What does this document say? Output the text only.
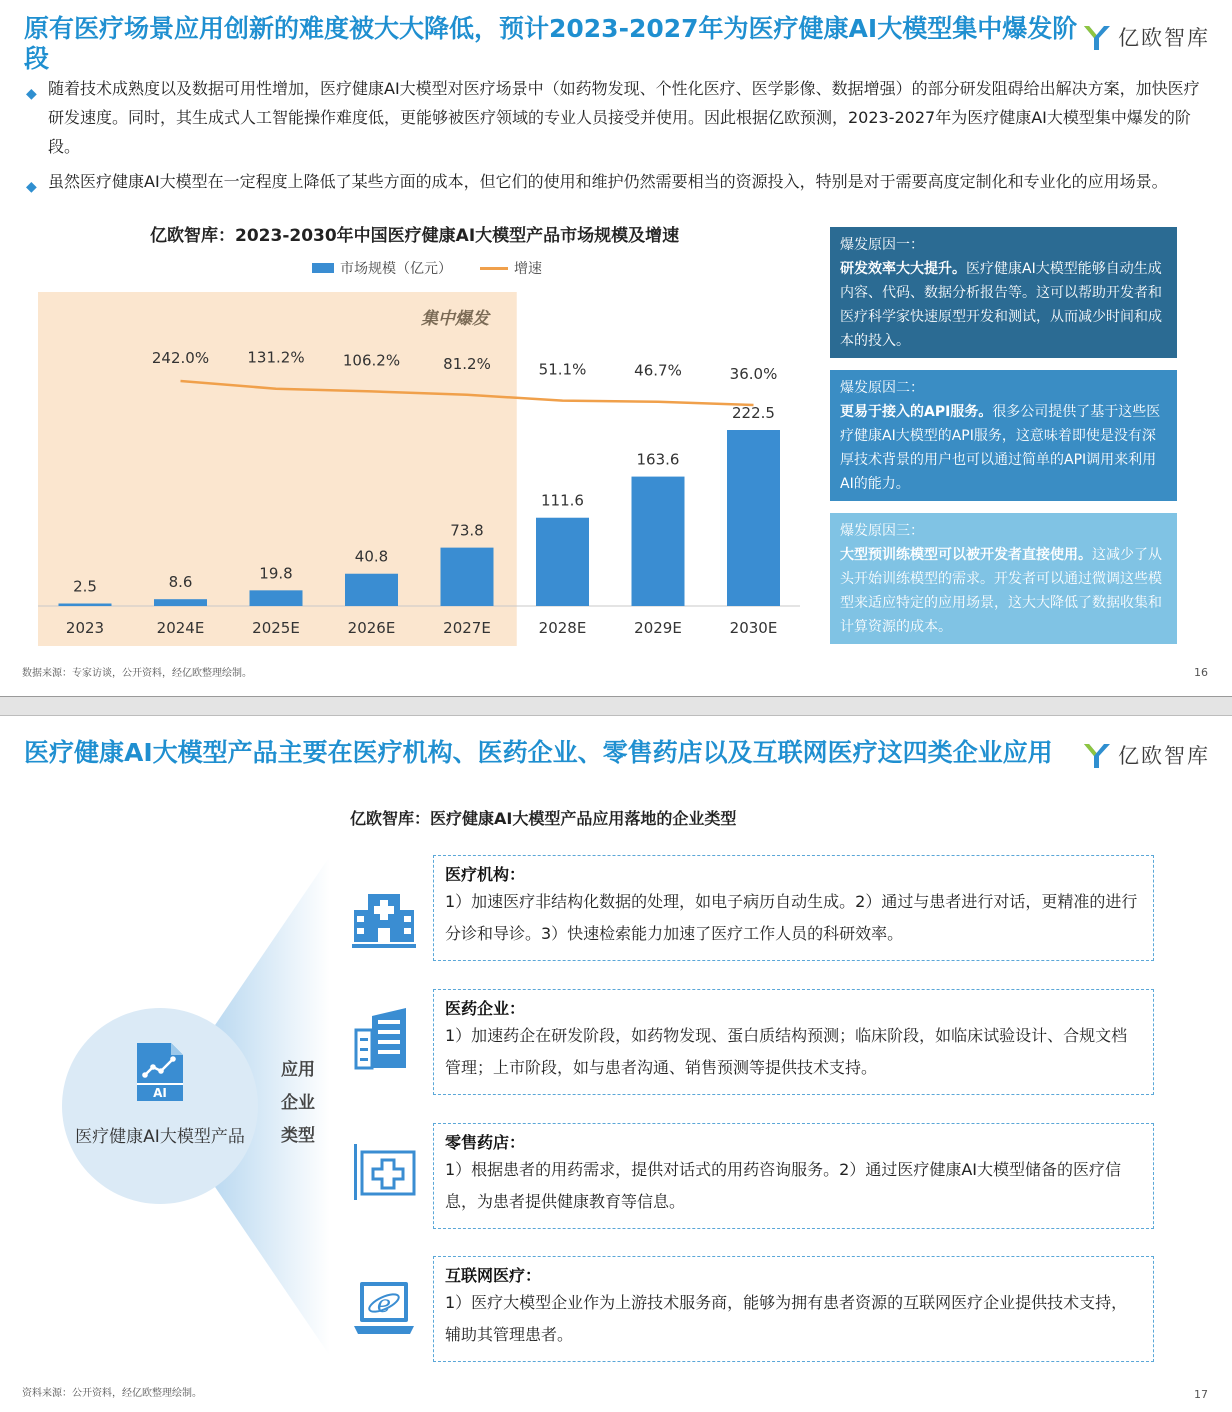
原有医疗场景应用创新的难度被大大降低，预计2023-2027年为医疗健康AI大模型集中爆发阶段
亿欧智库
◆ 随着技术成熟度以及数据可用性增加，医疗健康AI大模型对医疗场景中（如药物发现、个性化医疗、医学影像、数据增强）的部分研发阻碍给出解决方案，加快医疗研发速度。同时，其生成式人工智能操作难度低，更能够被医疗领域的专业人员接受并使用。因此根据亿欧预测，2023-2027年为医疗健康AI大模型集中爆发的阶段。
◆ 虽然医疗健康AI大模型在一定程度上降低了某些方面的成本，但它们的使用和维护仍然需要相当的资源投入，特别是对于需要高度定制化和专业化的应用场景。
亿欧智库：2023-2030年中国医疗健康AI大模型产品市场规模及增速
市场规模（亿元）	增速
集中爆发
2.5
2023
8.6
2024E
242.0%
19.8
2025E
131.2%
40.8
2026E
106.2%
73.8
2027E
81.2%
111.6
2028E
51.1%
163.6
2029E
46.7%
222.5
2030E
36.0%
爆发原因一：
研发效率大大提升。医疗健康AI大模型能够自动生成内容、代码、数据分析报告等。这可以帮助开发者和医疗科学家快速原型开发和测试，从而减少时间和成本的投入。
爆发原因二：
更易于接入的API服务。很多公司提供了基于这些医疗健康AI大模型的API服务，这意味着即使是没有深厚技术背景的用户也可以通过简单的API调用来利用AI的能力。
爆发原因三：
大型预训练模型可以被开发者直接使用。这减少了从头开始训练模型的需求。开发者可以通过微调这些模型来适应特定的应用场景，这大大降低了数据收集和计算资源的成本。
数据来源：专家访谈，公开资料，经亿欧整理绘制。	16
医疗健康AI大模型产品主要在医疗机构、医药企业、零售药店以及互联网医疗这四类企业应用	亿欧智库
亿欧智库：医疗健康AI大模型产品应用落地的企业类型
AI
医疗健康AI大模型产品
应用
企业
类型
e
医疗机构：
1）加速医疗非结构化数据的处理，如电子病历自动生成。2）通过与患者进行对话，更精准的进行分诊和导诊。3）快速检索能力加速了医疗工作人员的科研效率。
医药企业：
1）加速药企在研发阶段，如药物发现、蛋白质结构预测；临床阶段，如临床试验设计、合规文档管理；上市阶段，如与患者沟通、销售预测等提供技术支持。
零售药店：
1）根据患者的用药需求，提供对话式的用药咨询服务。2）通过医疗健康AI大模型储备的医疗信息，为患者提供健康教育等信息。
互联网医疗：
1）医疗大模型企业作为上游技术服务商，能够为拥有患者资源的互联网医疗企业提供技术支持，辅助其管理患者。
资料来源：公开资料，经亿欧整理绘制。	17
